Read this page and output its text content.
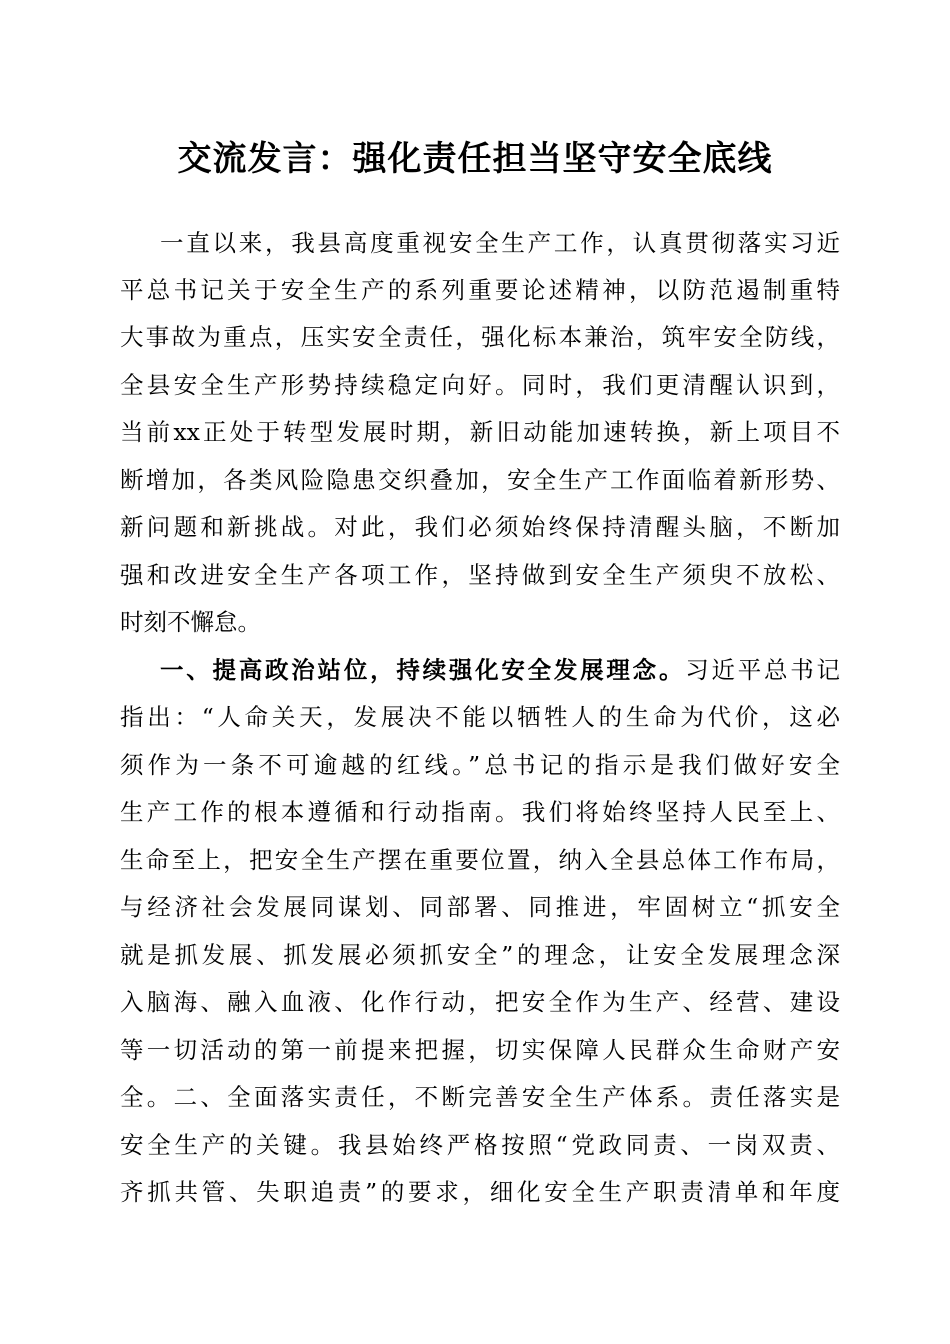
交流发言：强化责任担当坚守安全底线
一直以来，我县高度重视安全生产工作，认真贯彻落实习近
平总书记关于安全生产的系列重要论述精神，以防范遏制重特
大事故为重点，压实安全责任，强化标本兼治，筑牢安全防线，
全县安全生产形势持续稳定向好。同时，我们更清醒认识到，
当前xx正处于转型发展时期，新旧动能加速转换，新上项目不
断增加，各类风险隐患交织叠加，安全生产工作面临着新形势、
新问题和新挑战。对此，我们必须始终保持清醒头脑，不断加
强和改进安全生产各项工作，坚持做到安全生产须臾不放松、
时刻不懈怠。
一、提高政治站位，持续强化安全发展理念。习近平总书记
指出：“人命关天，发展决不能以牺牲人的生命为代价，这必
须作为一条不可逾越的红线。”总书记的指示是我们做好安全
生产工作的根本遵循和行动指南。我们将始终坚持人民至上、
生命至上，把安全生产摆在重要位置，纳入全县总体工作布局，
与经济社会发展同谋划、同部署、同推进，牢固树立“抓安全
就是抓发展、抓发展必须抓安全”的理念，让安全发展理念深
入脑海、融入血液、化作行动，把安全作为生产、经营、建设
等一切活动的第一前提来把握，切实保障人民群众生命财产安
全。二、全面落实责任，不断完善安全生产体系。责任落实是
安全生产的关键。我县始终严格按照“党政同责、一岗双责、
齐抓共管、失职追责”的要求，细化安全生产职责清单和年度
